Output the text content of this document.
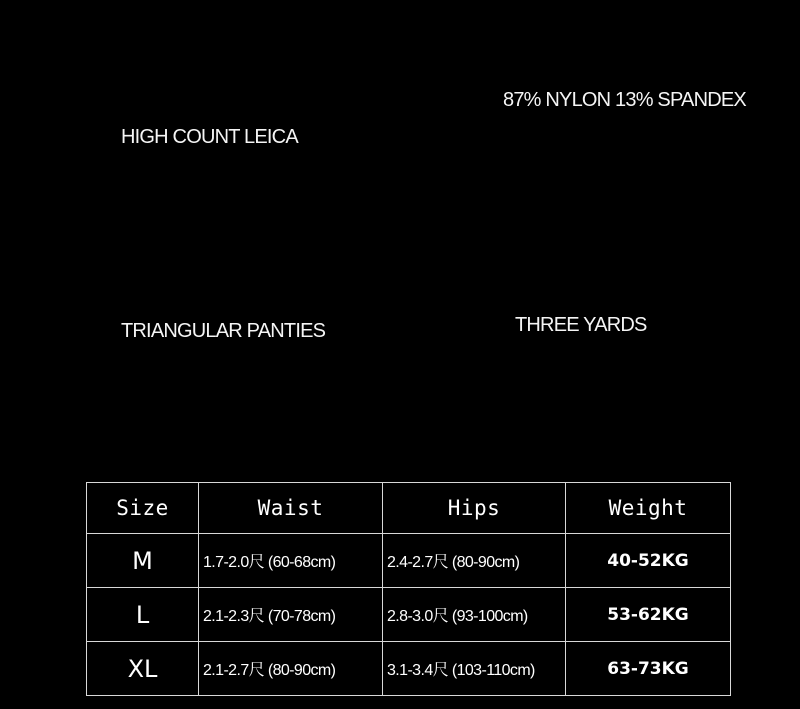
HIGH COUNT LEICA
87% NYLON 13% SPANDEX
TRIANGULAR PANTIES	THREE YARDS
Size	Waist	Hips	Weight
M	1.7-2.0尺 (60-68cm)	2.4-2.7尺 (80-90cm)	40-52KG
L	2.1-2.3尺 (70-78cm)	2.8-3.0尺 (93-100cm)	53-62KG
XL	2.1-2.7尺 (80-90cm)	3.1-3.4尺 (103-110cm)	63-73KG
